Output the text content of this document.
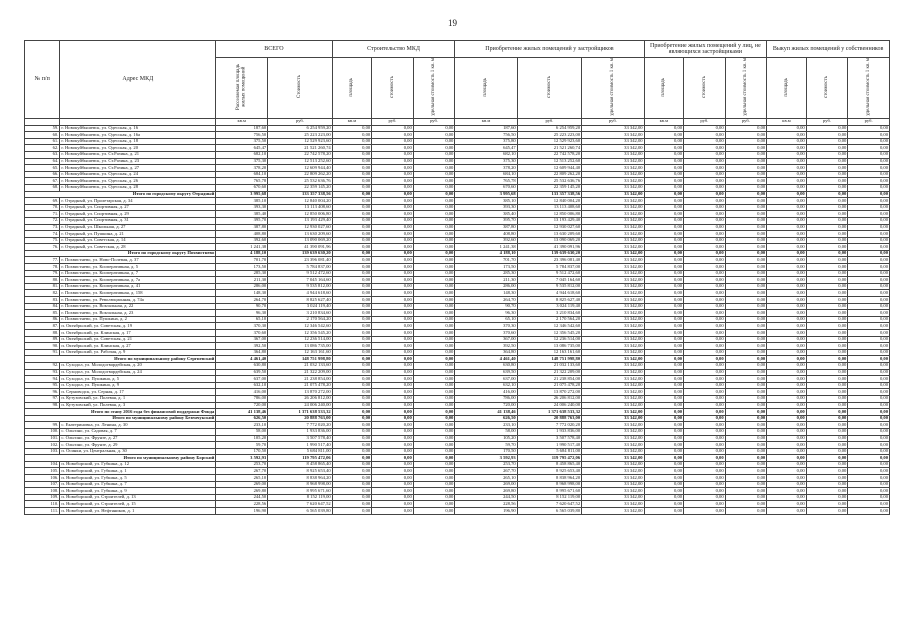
19
№ п/п	Адрес МКД	ВСЕГО		Строительство МКД			Приобретение жилых помещений у застройщиков			Приобретение жилых помещений у лиц, не являющихся застройщиками			Выкуп жилых помещений у собственников		
		Расселяемая площадь жилых помещений	Стоимость	площадь	стоимость	удельная стоимость 1 кв. м	площадь	стоимость	удельная стоимость 1 кв. м	площадь	стоимость	удельная стоимость 1 кв. м	площадь	стоимость	удельная стоимость 1 кв. м
		кв.м	руб.	кв.м	руб.	руб.	кв.м	руб.	руб.	кв.м	руб.	руб.	кв.м	руб.	руб.
59.	г. Новокуйбышевск, ул. Одесская, д. 16	187,60	6 254 959,20	0,00	0,00	0,00	187,60	6 254 959,20	33 342,00	0,00	0,00	0,00	0,00	0,00	0,00
60.	г. Новокуйбышевск, ул. Одесская, д. 16а	756,50	25 223 223,00	0,00	0,00	0,00	756,50	25 223 223,00	33 342,00	0,00	0,00	0,00	0,00	0,00	0,00
61.	г. Новокуйбышевск, ул. Одесская, д. 18	375,50	12 529 923,60	0,00	0,00	0,00	375,80	12 529 923,60	33 342,00	0,00	0,00	0,00	0,00	0,00	0,00
62.	г. Новокуйбышевск, ул. Одесская, д. 20	645,47	21 521 260,74	0,00	0,00	0,00	645,47	21 521 260,74	33 342,00	0,00	0,00	0,00	0,00	0,00	0,00
63.	г. Новокуйбышевск, ул. Ст.Разина, д. 21	682,10	22 742 578,20	0,00	0,00	0,00	682,10	22 742 578,20	33 342,00	0,00	0,00	0,00	0,00	0,00	0,00
64.	г. Новокуйбышевск, ул. Ст.Разина, д. 23	375,30	12 513 252,60	0,00	0,00	0,00	375,30	12 513 252,60	33 342,00	0,00	0,00	0,00	0,00	0,00	0,00
65.	г. Новокуйбышевск, ул. Ст.Разина, д. 27	378,20	12 609 944,40	0,00	0,00	0,00	378,20	12 609 944,40	33 342,00	0,00	0,00	0,00	0,00	0,00	0,00
66.	г. Новокуйбышевск, ул. Одесская, д. 24	684,10	22 809 262,20	0,00	0,00	0,00	684,10	22 809 262,20	33 342,00	0,00	0,00	0,00	0,00	0,00	0,00
67.	г. Новокуйбышевск, ул. Одесская, д. 26	765,78	25 532 636,76	0,00	0,00	0,00	765,78	25 532 636,76	33 342,00	0,00	0,00	0,00	0,00	0,00	0,00
68.	г. Новокуйбышевск, ул. Одесская, д. 28	670,60	22 359 145,20	0,00	0,00	0,00	670,60	22 359 145,20	33 342,00	0,00	0,00	0,00	0,00	0,00	0,00
Итого по городскому округу Отрадный		3 995,68	133 357 338,56	0,00	0,00	0,00	3 995,68	133 357 338,56	33 342,00	0,00	0,00	0,00	0,00	0,00	0,00
69.	г. Отрадный, ул. Пролетарская, д. 34	385,10	12 840 004,20	0,00	0,00	0,00	385,10	12 840 004,20	33 342,00	0,00	0,00	0,00	0,00	0,00	0,00
70.	г. Отрадный, ул. Спортивная, д. 27	393,30	13 113 408,60	0,00	0,00	0,00	393,30	13 113 408,60	33 342,00	0,00	0,00	0,00	0,00	0,00	0,00
71.	г. Отрадный, ул. Спортивная, д. 29	385,40	12 850 006,80	0,00	0,00	0,00	385,40	12 850 006,80	33 342,00	0,00	0,00	0,00	0,00	0,00	0,00
72.	г. Отрадный, ул. Спортивная, д. 31	395,70	13 193 429,40	0,00	0,00	0,00	395,70	13 193 429,40	33 342,00	0,00	0,00	0,00	0,00	0,00	0,00
73.	г. Отрадный, ул. Школьная, д. 27	387,80	12 930 027,60	0,00	0,00	0,00	387,80	12 930 027,60	33 342,00	0,00	0,00	0,00	0,00	0,00	0,00
74.	г. Отрадный, ул. Пушкина, д. 21	408,80	13 630 209,60	0,00	0,00	0,00	408,80	13 630 209,60	33 342,00	0,00	0,00	0,00	0,00	0,00	0,00
75.	г. Отрадный, ул. Советская, д. 14	392,60	13 090 069,20	0,00	0,00	0,00	392,60	13 090 069,20	33 342,00	0,00	0,00	0,00	0,00	0,00	0,00
76.	г. Отрадный, ул. Советская, д. 28	1 241,38	41 390 091,96	0,00	0,00	0,00	1 241,38	41 390 091,96	33 342,00	0,00	0,00	0,00	0,00	0,00	0,00
Итого по городскому округу Похвистнево		4 188,10	139 639 630,20	0,00	0,00	0,00	4 188,10	139 639 630,20	33 342,00	0,00	0,00	0,00	0,00	0,00	0,00
77.	г. Похвистнево, ул. Ново-Полевая, д. 37	701,70	23 396 081,40	0,00	0,00	0,00	701,70	23 396 081,40	33 342,00	0,00	0,00	0,00	0,00	0,00	0,00
78.	г. Похвистнево, ул. Кооперативная, д. 5	173,50	5 784 837,00	0,00	0,00	0,00	173,50	5 784 837,00	33 342,00	0,00	0,00	0,00	0,00	0,00	0,00
79.	г. Похвистнево, ул. Кооперативная, д. 7	285,30	9 512 472,60	0,00	0,00	0,00	285,30	9 512 472,60	33 342,00	0,00	0,00	0,00	0,00	0,00	0,00
80.	г. Похвистнево, ул. Кооперативная, д. 7а	211,30	7 045 164,60	0,00	0,00	0,00	211,30	7 045 164,60	33 342,00	0,00	0,00	0,00	0,00	0,00	0,00
81.	г. Похвистнево, ул. Кооперативная, д. 41	286,00	9 535 812,00	0,00	0,00	0,00	286,00	9 535 812,00	33 342,00	0,00	0,00	0,00	0,00	0,00	0,00
82.	г. Похвистнево, ул. Кооперативная, д. 158	148,30	4 944 618,60	0,00	0,00	0,00	148,30	4 944 618,60	33 342,00	0,00	0,00	0,00	0,00	0,00	0,00
83.	г. Похвистнево, ул. Революционная, д. 74а	264,70	8 825 627,40	0,00	0,00	0,00	264,70	8 825 627,40	33 342,00	0,00	0,00	0,00	0,00	0,00	0,00
84.	г. Похвистнево, ул. Вокзальная, д. 22	90,70	3 024 119,40	0,00	0,00	0,00	90,70	3 024 119,40	33 342,00	0,00	0,00	0,00	0,00	0,00	0,00
85.	г. Похвистнево, ул. Вокзальная, д. 23	96,30	3 210 834,60	0,00	0,00	0,00	96,30	3 210 834,60	33 342,00	0,00	0,00	0,00	0,00	0,00	0,00
86.	г. Похвистнево, ул. Пушкина, д. 2	65,10	2 170 564,20	0,00	0,00	0,00	65,10	2 170 564,20	33 342,00	0,00	0,00	0,00	0,00	0,00	0,00
87.	п. Октябрьский, ул. Советская, д. 19	370,30	12 346 542,60	0,00	0,00	0,00	370,30	12 346 542,60	33 342,00	0,00	0,00	0,00	0,00	0,00	0,00
88.	п. Октябрьский, ул. Клинская, д. 17	370,60	12 356 545,20	0,00	0,00	0,00	370,60	12 356 545,20	33 342,00	0,00	0,00	0,00	0,00	0,00	0,00
89.	п. Октябрьский, ул. Советская, д. 21	367,00	12 236 514,00	0,00	0,00	0,00	367,00	12 236 514,00	33 342,00	0,00	0,00	0,00	0,00	0,00	0,00
90.	п. Октябрьский, ул. Клинская, д. 27	392,50	13 086 735,00	0,00	0,00	0,00	392,50	13 086 735,00	33 342,00	0,00	0,00	0,00	0,00	0,00	0,00
91.	п. Октябрьский, ул. Рабочая, д. 9	364,80	12 163 161,60	0,00	0,00	0,00	364,80	12 163 161,60	33 342,00	0,00	0,00	0,00	0,00	0,00	0,00
Итого по муниципальному району Сергиевский		4 461,40	148 751 998,80	0,00	0,00	0,00	4 461,40	148 751 998,80	33 342,00	0,00	0,00	0,00	0,00	0,00	0,00
92.	п. Суходол, ул. Молодогвардейская, д. 20	630,80	21 032 133,60	0,00	0,00	0,00	630,80	21 032 133,60	33 342,00	0,00	0,00	0,00	0,00	0,00	0,00
93.	п. Суходол, ул. Молодогвардейская, д. 24	639,50	21 322 209,00	0,00	0,00	0,00	639,50	21 322 209,00	33 342,00	0,00	0,00	0,00	0,00	0,00	0,00
94.	п. Суходол, ул. Пушкина, д. 5	637,00	21 238 854,00	0,00	0,00	0,00	637,00	21 238 854,00	33 342,00	0,00	0,00	0,00	0,00	0,00	0,00
95.	п. Суходол, ул. Пушкина, д. 9	632,10	21 075 478,20	0,00	0,00	0,00	632,10	21 075 478,20	33 342,00	0,00	0,00	0,00	0,00	0,00	0,00
96.	п. Серноводск, ул. Серная, д. 17	416,00	13 870 272,00	0,00	0,00	0,00	416,00	13 870 272,00	33 342,00	0,00	0,00	0,00	0,00	0,00	0,00
97.	п. Кутузовский, ул. Полевая, д. 1	786,00	26 206 812,00	0,00	0,00	0,00	786,00	26 206 812,00	33 342,00	0,00	0,00	0,00	0,00	0,00	0,00
98.	п. Кутузовский, ул. Полевая, д. 3	720,00	24 006 240,00	0,00	0,00	0,00	720,00	24 006 240,00	33 342,00	0,00	0,00	0,00	0,00	0,00	0,00
Итого по этапу 2016 года без финансовой поддержки Фонда		41 138,46	1 371 638 533,32	0,00	0,00	0,00	41 138,46	1 371 638 533,32	33 342,00	0,00	0,00	0,00	0,00	0,00	0,00
Итого по муниципальному району Безенчукский		626,50	20 888 763,00	0,00	0,00	0,00	626,50	20 888 763,00	33 342,00	0,00	0,00	0,00	0,00	0,00	0,00
99.	с. Екатериновка, ул. Ленина, д. 30	233,10	7 772 020,20	0,00	0,00	0,00	233,10	7 772 020,20	33 342,00	0,00	0,00	0,00	0,00	0,00	0,00
100.	с. Ольгино, ул. Садовая, д. 7	58,00	1 933 836,00	0,00	0,00	0,00	58,00	1 933 836,00	33 342,00	0,00	0,00	0,00	0,00	0,00	0,00
101.	с. Ольгино, ул. Фрунзе, д. 27	105,20	3 507 578,40	0,00	0,00	0,00	105,20	3 507 578,40	33 342,00	0,00	0,00	0,00	0,00	0,00	0,00
102.	с. Ольгино, ул. Фрунзе, д. 29	59,70	1 990 517,40	0,00	0,00	0,00	59,70	1 990 517,40	33 342,00	0,00	0,00	0,00	0,00	0,00	0,00
103.	п. Осинки, ул. Центральная, д. 30	170,50	5 684 811,00	0,00	0,00	0,00	170,50	5 684 811,00	33 342,00	0,00	0,00	0,00	0,00	0,00	0,00
Итого по муниципальному району Борский		3 592,93	119 795 472,06	0,00	0,00	0,00	3 592,93	119 795 472,06	33 342,00	0,00	0,00	0,00	0,00	0,00	0,00
104.	п. Новоборский, ул. Губкина, д. 12	253,70	8 458 865,40	0,00	0,00	0,00	253,70	8 458 865,40	33 342,00	0,00	0,00	0,00	0,00	0,00	0,00
105.	п. Новоборский, ул. Губкина, д. 1	267,70	8 925 653,40	0,00	0,00	0,00	267,70	8 925 653,40	33 342,00	0,00	0,00	0,00	0,00	0,00	0,00
106.	п. Новоборский, ул. Губкина, д. 5	265,10	8 838 964,20	0,00	0,00	0,00	265,10	8 838 964,20	33 342,00	0,00	0,00	0,00	0,00	0,00	0,00
107.	п. Новоборский, ул. Губкина, д. 7	269,00	8 968 998,00	0,00	0,00	0,00	269,00	8 968 998,00	33 342,00	0,00	0,00	0,00	0,00	0,00	0,00
108.	п. Новоборский, ул. Губкина, д. 9	269,80	8 995 671,60	0,00	0,00	0,00	269,80	8 995 671,60	33 342,00	0,00	0,00	0,00	0,00	0,00	0,00
109.	п. Новоборский, ул. Строителей, д. 13	244,50	8 152 119,00	0,00	0,00	0,00	244,50	8 152 119,00	33 342,00	0,00	0,00	0,00	0,00	0,00	0,00
110.	п. Новоборский, ул. Строителей, д. 15	228,56	7 620 647,52	0,00	0,00	0,00	228,56	7 620 647,52	33 342,00	0,00	0,00	0,00	0,00	0,00	0,00
111.	п. Новоборский, ул. Нефтяников, д. 1	196,90	6 565 039,80	0,00	0,00	0,00	196,90	6 565 039,80	33 342,00	0,00	0,00	0,00	0,00	0,00	0,00
